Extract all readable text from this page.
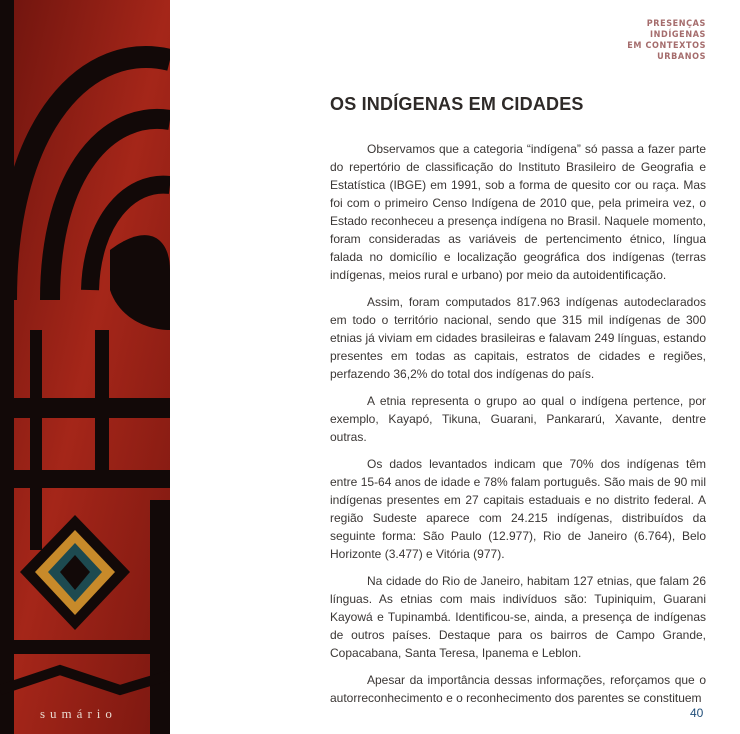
sumário
PRESENÇAS
INDÍGENAS
EM CONTEXTOS
URBANOS
OS INDÍGENAS EM CIDADES

Observamos que a categoria “indígena” só passa a fazer parte do repertório de classificação do Instituto Brasileiro de Geografia e Estatística (IBGE) em 1991, sob a forma de quesito cor ou raça. Mas foi com o primeiro Censo Indígena de 2010 que, pela primeira vez, o Estado reconheceu a presença indígena no Brasil. Naquele momento, foram consideradas as variáveis de pertencimento étnico, língua falada no domicílio e localização geográfica dos indígenas (terras indígenas, meios rural e urbano) por meio da autoidentificação.

Assim, foram computados 817.963 indígenas autodeclarados em todo o território nacional, sendo que 315 mil indígenas de 300 etnias já viviam em cidades brasileiras e falavam 249 línguas, estando presentes em todas as capitais, estratos de cidades e regiões, perfazendo 36,2% do total dos indígenas do país.

A etnia representa o grupo ao qual o indígena pertence, por exemplo, Kayapó, Tikuna, Guarani, Pankararú, Xavante, dentre outras.

Os dados levantados indicam que 70% dos indígenas têm entre 15-64 anos de idade e 78% falam português. São mais de 90 mil indígenas presentes em 27 capitais estaduais e no distrito federal. A região Sudeste aparece com 24.215 indígenas, distribuídos da seguinte forma: São Paulo (12.977), Rio de Janeiro (6.764), Belo Horizonte (3.477) e Vitória (977).

Na cidade do Rio de Janeiro, habitam 127 etnias, que falam 26 línguas. As etnias com mais indivíduos são: Tupiniquim, Guarani Kayowá e Tupinambá. Identificou-se, ainda, a presença de indígenas de outros países. Destaque para os bairros de Campo Grande, Copacabana, Santa Teresa, Ipanema e Leblon.

Apesar da importância dessas informações, reforçamos que o autorreconhecimento e o reconhecimento dos parentes se constituem

40
